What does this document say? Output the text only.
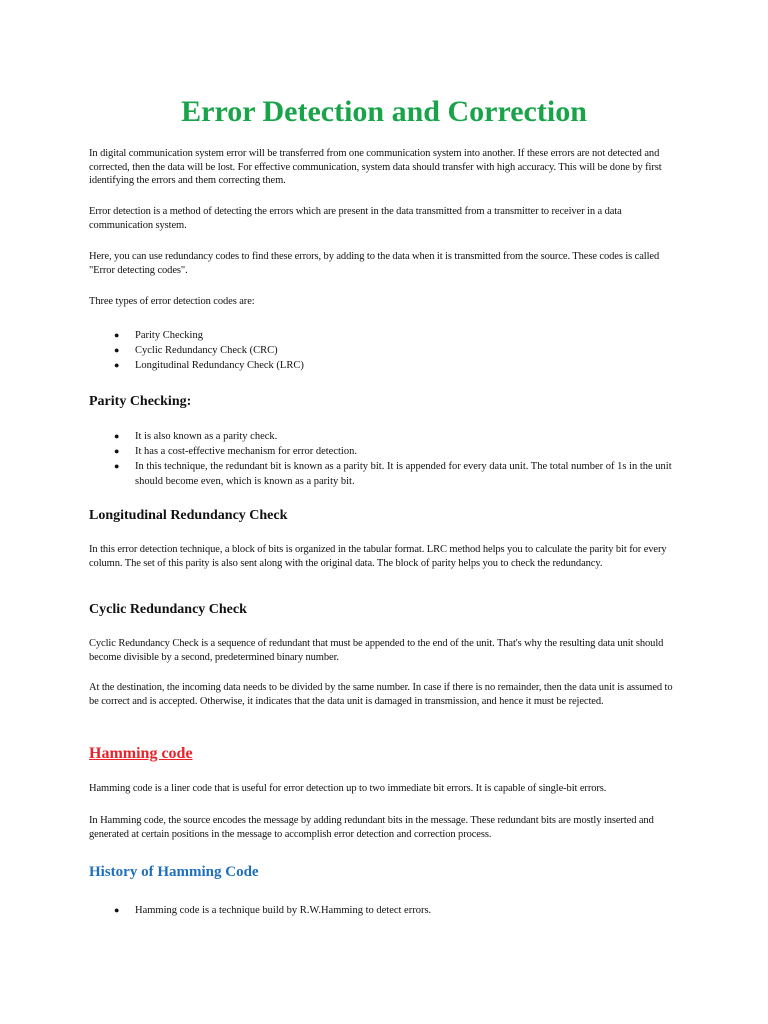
Error Detection and Correction

In digital communication system error will be transferred from one communication system into another. If these errors are not detected and corrected, then the data will be lost. For effective communication, system data should transfer with high accuracy. This will be done by first identifying the errors and them correcting them.

Error detection is a method of detecting the errors which are present in the data transmitted from a transmitter to receiver in a data communication system.

Here, you can use redundancy codes to find these errors, by adding to the data when it is transmitted from the source. These codes is called "Error detecting codes".

Three types of error detection codes are:

● Parity Checking
● Cyclic Redundancy Check (CRC)
● Longitudinal Redundancy Check (LRC)
Parity Checking:
● It is also known as a parity check.
● It has a cost-effective mechanism for error detection.
● In this technique, the redundant bit is known as a parity bit. It is appended for every data unit. The total number of 1s in the unit should become even, which is known as a parity bit.
Longitudinal Redundancy Check

In this error detection technique, a block of bits is organized in the tabular format. LRC method helps you to calculate the parity bit for every column. The set of this parity is also sent along with the original data. The block of parity helps you to check the redundancy.

Cyclic Redundancy Check

Cyclic Redundancy Check is a sequence of redundant that must be appended to the end of the unit. That's why the resulting data unit should become divisible by a second, predetermined binary number.

At the destination, the incoming data needs to be divided by the same number. In case if there is no remainder, then the data unit is assumed to be correct and is accepted. Otherwise, it indicates that the data unit is damaged in transmission, and hence it must be rejected.

Hamming code

Hamming code is a liner code that is useful for error detection up to two immediate bit errors. It is capable of single-bit errors.

In Hamming code, the source encodes the message by adding redundant bits in the message. These redundant bits are mostly inserted and generated at certain positions in the message to accomplish error detection and correction process.

History of Hamming Code
● Hamming code is a technique build by R.W.Hamming to detect errors.
